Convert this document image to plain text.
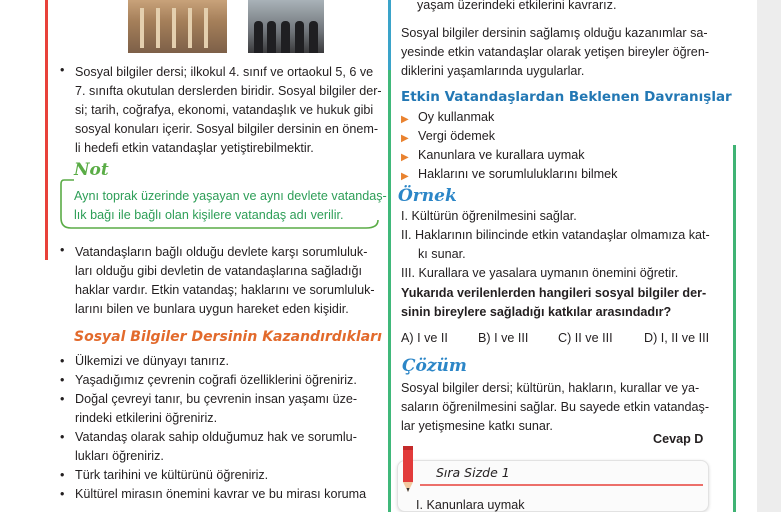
• Sosyal bilgiler dersi; ilkokul 4. sınıf ve ortaokul 5, 6 ve
7. sınıfta okutulan derslerden biridir. Sosyal bilgiler der-
si; tarih, coğrafya, ekonomi, vatandaşlık ve hukuk gibi
sosyal konuları içerir. Sosyal bilgiler dersinin en önem-
li hedefi etkin vatandaşlar yetiştirebilmektir.
Not
Aynı toprak üzerinde yaşayan ve aynı devlete vatandaş-
lık bağı ile bağlı olan kişilere vatandaş adı verilir.
• Vatandaşların bağlı olduğu devlete karşı sorumluluk-
ları olduğu gibi devletin de vatandaşlarına sağladığı
haklar vardır. Etkin vatandaş; haklarını ve sorumluluk-
larını bilen ve bunlara uygun hareket eden kişidir.
Sosyal Bilgiler Dersinin Kazandırdıkları
• Ülkemizi ve dünyayı tanırız.
• Yaşadığımız çevrenin coğrafi özelliklerini öğreniriz.
• Doğal çevreyi tanır, bu çevrenin insan yaşamı üze-
rindeki etkilerini öğreniriz.
• Vatandaş olarak sahip olduğumuz hak ve sorumlu-
lukları öğreniriz.
• Türk tarihini ve kültürünü öğreniriz.
• Kültürel mirasın önemini kavrar ve bu mirası koruma
yaşam üzerindeki etkilerini kavrarız.
Sosyal bilgiler dersinin sağlamış olduğu kazanımlar sa-
yesinde etkin vatandaşlar olarak yetişen bireyler öğren-
diklerini yaşamlarında uygularlar.
Etkin Vatandaşlardan Beklenen Davranışlar
▶ Oy kullanmak
▶ Vergi ödemek
▶ Kanunlara ve kurallara uymak
▶ Haklarını ve sorumluluklarını bilmek
Örnek
I. Kültürün öğrenilmesini sağlar.
II. Haklarının bilincinde etkin vatandaşlar olmamıza kat-
kı sunar.
III. Kurallara ve yasalara uymanın önemini öğretir.
Yukarıda verilenlerden hangileri sosyal bilgiler der-
sinin bireylere sağladığı katkılar arasındadır?
A) I ve II B) I ve III C) II ve III D) I, II ve III
Çözüm
Sosyal bilgiler dersi; kültürün, hakların, kurallar ve ya-
saların öğrenilmesini sağlar. Bu sayede etkin vatandaş-
lar yetişmesine katkı sunar.
Cevap D
Sıra Sizde 1
I. Kanunlara uymak
